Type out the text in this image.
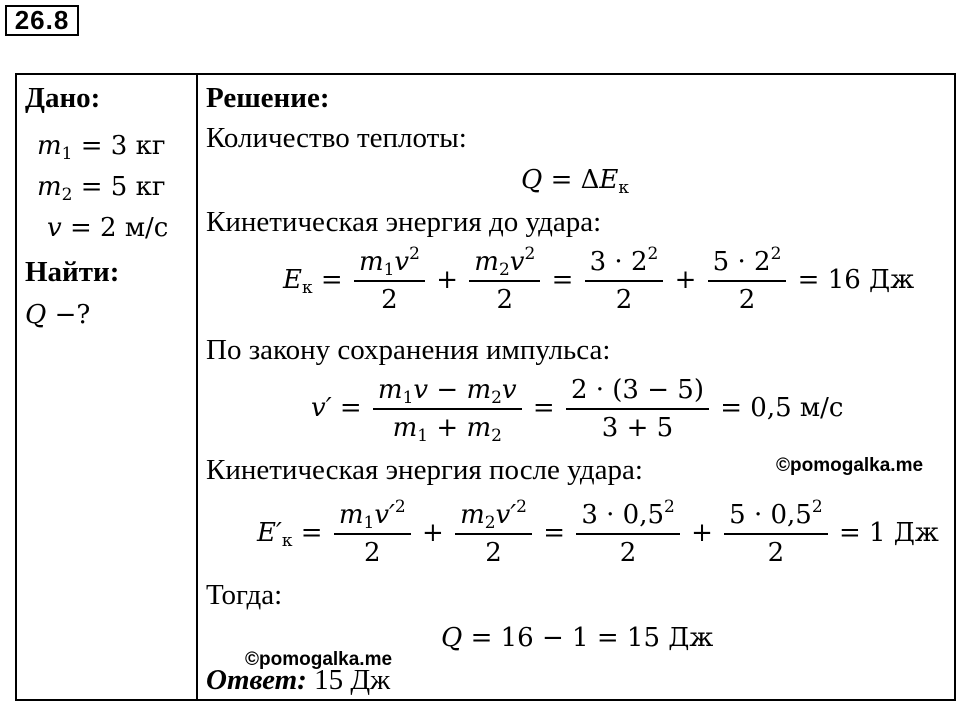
26.8
Дано:
$m_1 = 3$ кг
$m_2 = 5$ кг
v = 2 м/с
Найти:
Q −?
Решение:
Количество теплоты:
$Q = \Delta E_к$
Кинетическая энергия до удара:
$E_к = \frac{m_1v^2}{2} + \frac{m_2v^2}{2} = \frac{3 \cdot 2^2}{2} + \frac{5 \cdot 2^2}{2} = 16$ Дж
По закону сохранения импульса:
$v' = \frac{m_1v - m_2v}{m_1 + m_2} = \frac{2 \cdot (3 - 5)}{3 + 5} = 0,5$ м/с
Кинетическая энергия после удара:
$E'_к = \frac{m_1v'^2}{2} + \frac{m_2v'^2}{2} = \frac{3 \cdot 0,5^2}{2} + \frac{5 \cdot 0,5^2}{2} = 1$ Дж
Тогда:
Q = 16 − 1 = 15 Дж
Ответ: 15 Дж
©pomogalka.me
©pomogalka.me
